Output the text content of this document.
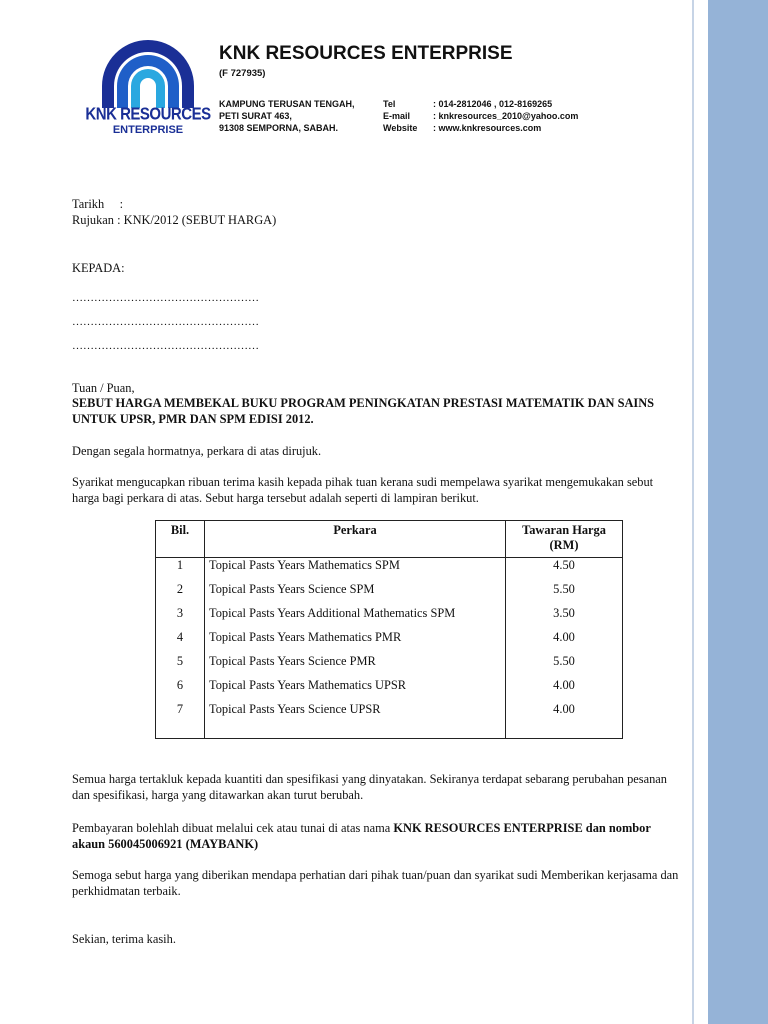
KNK RESOURCES
ENTERPRISE
KNK RESOURCES ENTERPRISE
(F 727935)
KAMPUNG TERUSAN TENGAH,
PETI SURAT 463,
91308 SEMPORNA, SABAH.
Tel	: 014-2812046 , 012-8169265
E-mail	: knkresources_2010@yahoo.com
Website	: www.knkresources.com
Tarikh     :
Rujukan : KNK/2012 (SEBUT HARGA)
KEPADA:
……………………………………………
……………………………………………
……………………………………………
Tuan / Puan,
SEBUT HARGA MEMBEKAL BUKU PROGRAM PENINGKATAN PRESTASI MATEMATIK DAN SAINS UNTUK UPSR, PMR DAN SPM EDISI 2012.
Dengan segala hormatnya, perkara di atas dirujuk.
Syarikat mengucapkan ribuan terima kasih kepada pihak tuan kerana sudi mempelawa syarikat mengemukakan sebut harga bagi perkara di atas. Sebut harga tersebut adalah seperti di lampiran berikut.
Bil.	Perkara	Tawaran Harga (RM)
1	Topical Pasts Years Mathematics SPM	4.50
2	Topical Pasts Years Science SPM	5.50
3	Topical Pasts Years Additional Mathematics SPM	3.50
4	Topical Pasts Years Mathematics PMR	4.00
5	Topical Pasts Years Science PMR	5.50
6	Topical Pasts Years Mathematics UPSR	4.00
7	Topical Pasts Years Science UPSR	4.00
Semua harga tertakluk kepada kuantiti dan spesifikasi yang dinyatakan. Sekiranya terdapat sebarang perubahan pesanan dan spesifikasi, harga yang ditawarkan akan turut berubah.
Pembayaran bolehlah dibuat melalui cek atau tunai di atas nama KNK RESOURCES ENTERPRISE dan nombor akaun 560045006921 (MAYBANK)
Semoga sebut harga yang diberikan mendapa perhatian dari pihak tuan/puan dan syarikat sudi Memberikan kerjasama dan perkhidmatan terbaik.
Sekian, terima kasih.
